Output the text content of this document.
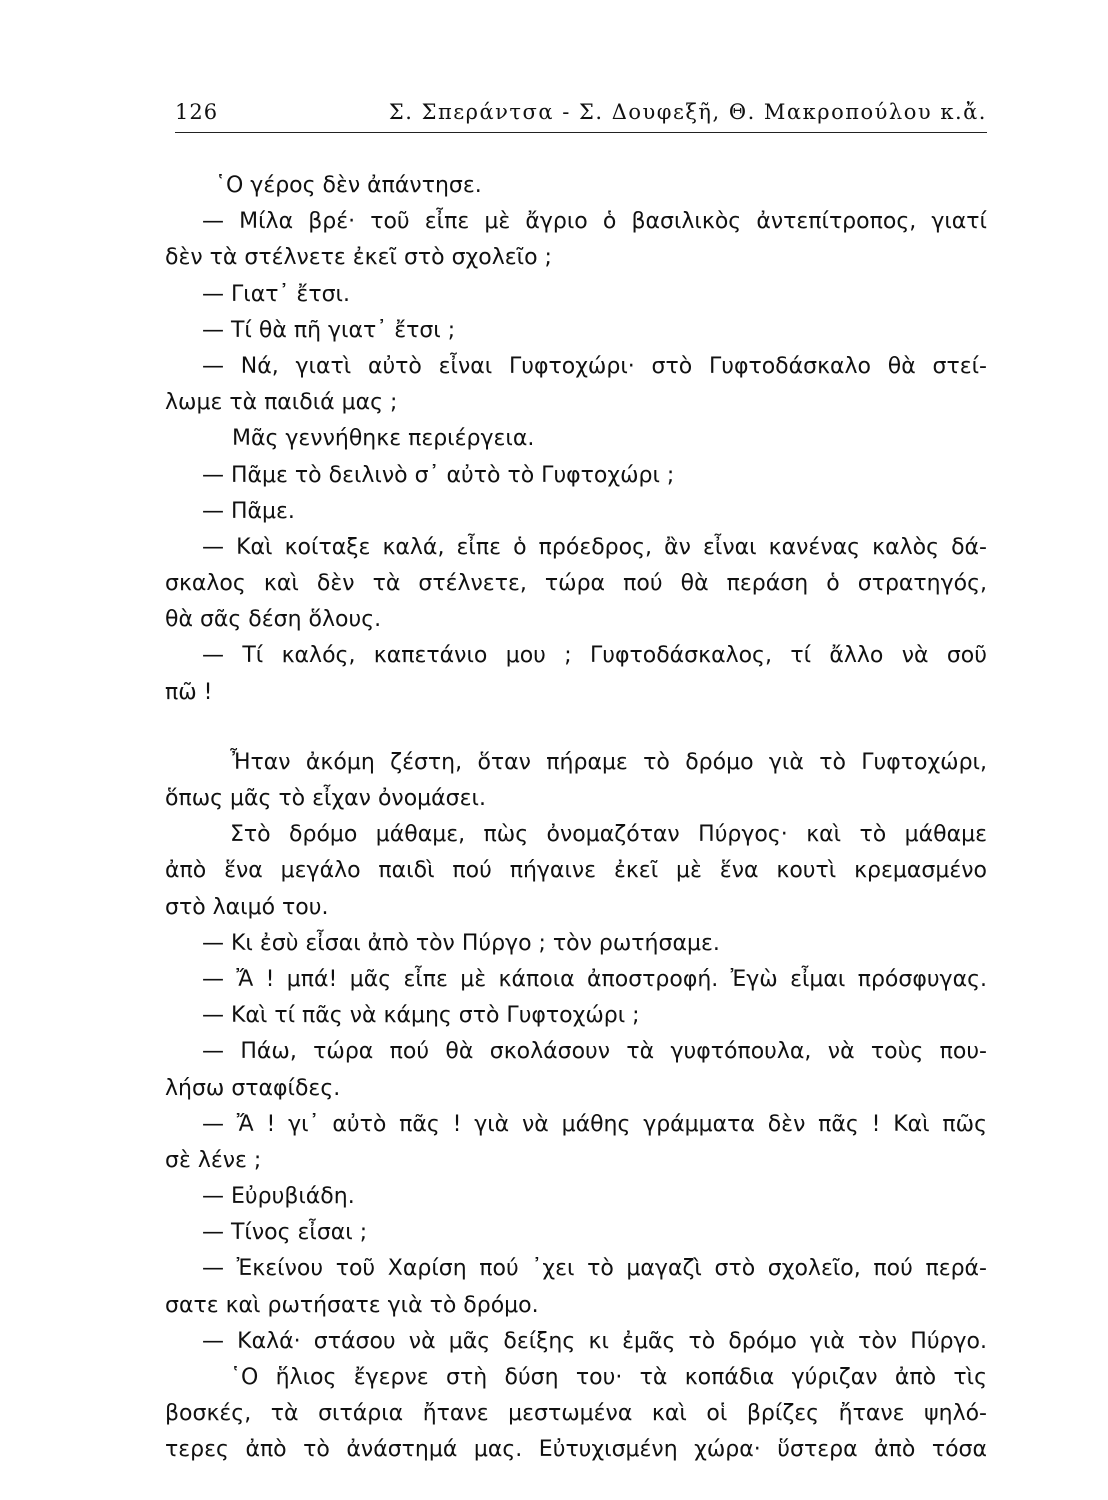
126	Σ. Σπεράντσα - Σ. Δουφεξῆ, Θ. Μακροπούλου κ.ἄ.
῾Ο γέρος δὲν ἀπάντησε.
— Μίλα βρέ· τοῦ εἶπε μὲ ἄγριο ὁ βασιλικὸς ἀντεπίτροπος, γιατί
δὲν τὰ στέλνετε ἐκεῖ στὸ σχολεῖο ;
— Γιατ᾽ ἔτσι.
— Τί θὰ πῆ γιατ᾽ ἔτσι ;
— Νά, γιατὶ αὐτὸ εἶναι Γυφτοχώρι· στὸ Γυφτοδάσκαλο θὰ στεί-
λωμε τὰ παιδιά μας ;
Μᾶς γεννήθηκε περιέργεια.
— Πᾶμε τὸ δειλινὸ σ᾽ αὐτὸ τὸ Γυφτοχώρι ;
— Πᾶμε.
— Καὶ κοίταξε καλά, εἶπε ὁ πρόεδρος, ἂν εἶναι κανένας καλὸς δά-
σκαλος καὶ δὲν τὰ στέλνετε, τώρα πού θὰ περάση ὁ στρατηγός,
θὰ σᾶς δέση ὅλους.
— Τί καλός, καπετάνιο μου ; Γυφτοδάσκαλος, τί ἄλλο νὰ σοῦ
πῶ !
Ἦταν ἀκόμη ζέστη, ὅταν πήραμε τὸ δρόμο γιὰ τὸ Γυφτοχώρι,
ὅπως μᾶς τὸ εἶχαν ὀνομάσει.
Στὸ δρόμο μάθαμε, πὼς ὀνομαζόταν Πύργος· καὶ τὸ μάθαμε
ἀπὸ ἕνα μεγάλο παιδὶ πού πήγαινε ἐκεῖ μὲ ἕνα κουτὶ κρεμασμένο
στὸ λαιμό του.
— Κι ἐσὺ εἶσαι ἀπὸ τὸν Πύργο ; τὸν ρωτήσαμε.
— Ἄ ! μπά! μᾶς εἶπε μὲ κάποια ἀποστροφή. Ἐγὼ εἶμαι πρόσφυγας.
— Καὶ τί πᾶς νὰ κάμης στὸ Γυφτοχώρι ;
— Πάω, τώρα πού θὰ σκολάσουν τὰ γυφτόπουλα, νὰ τοὺς που-
λήσω σταφίδες.
— Ἄ ! γι᾽ αὐτὸ πᾶς ! γιὰ νὰ μάθης γράμματα δὲν πᾶς ! Καὶ πῶς
σὲ λένε ;
— Εὐρυβιάδη.
— Τίνος εἶσαι ;
— Ἐκείνου τοῦ Χαρίση πού ᾽χει τὸ μαγαζὶ στὸ σχολεῖο, πού περά-
σατε καὶ ρωτήσατε γιὰ τὸ δρόμο.
— Καλά· στάσου νὰ μᾶς δείξης κι ἐμᾶς τὸ δρόμο γιὰ τὸν Πύργο.
῾Ο ἥλιος ἔγερνε στὴ δύση του· τὰ κοπάδια γύριζαν ἀπὸ τὶς
βοσκές, τὰ σιτάρια ἤτανε μεστωμένα καὶ οἱ βρίζες ἤτανε ψηλό-
τερες ἀπὸ τὸ ἀνάστημά μας. Εὐτυχισμένη χώρα· ὕστερα ἀπὸ τόσα
